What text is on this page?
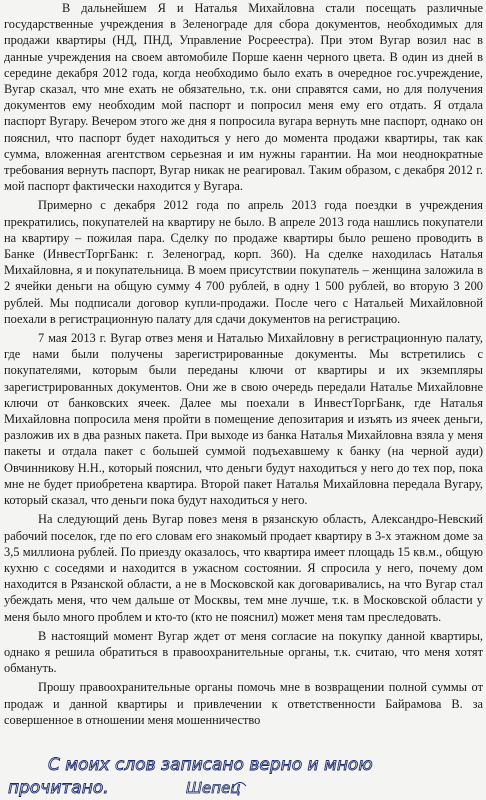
В дальнейшем Я и Наталья Михайловна стали посещать различные государственные учреждения в Зеленограде для сбора документов, необходимых для продажи квартиры (НД, ПНД, Управление Росреестра). При этом Вугар возил нас в данные учреждения на своем автомобиле Порше каенн черного цвета. В один из дней в середине декабря 2012 года, когда необходимо было ехать в очередное гос.учреждение, Вугар сказал, что мне ехать не обязательно, т.к. они справятся сами, но для получения документов ему необходим мой паспорт и попросил меня ему его отдать. Я отдала паспорт Вугару. Вечером этого же дня я попросила вугара вернуть мне паспорт, однако он пояснил, что паспорт будет находиться у него до момента продажи квартиры, так как сумма, вложенная агентством серьезная и им нужны гарантии. На мои неоднократные требования вернуть паспорт, Вугар никак не реагировал. Таким образом, с декабря 2012 г. мой паспорт фактически находится у Вугара.

Примерно с декабря 2012 года по апрель 2013 года поездки в учреждения прекратились, покупателей на квартиру не было. В апреле 2013 года нашлись покупатели на квартиру – пожилая пара. Сделку по продаже квартиры было решено проводить в Банке (ИнвестТоргБанк: г. Зеленоград, корп. 360). На сделке находилась Наталья Михайловна, я и покупательница. В моем присутствии покупатель – женщина заложила в 2 ячейки деньги на общую сумму 4 700 рублей, в одну 1 500 рублей, во вторую 3 200 рублей. Мы подписали договор купли-продажи. После чего с Натальей Михайловной поехали в регистрационную палату для сдачи документов на регистрацию.

7 мая 2013 г. Вугар отвез меня и Наталью Михайловну в регистрационную палату, где нами были получены зарегистрированные документы. Мы встретились с покупателями, которым были переданы ключи от квартиры и их экземпляры зарегистрированных документов. Они же в свою очередь передали Наталье Михайловне ключи от банковских ячеек. Далее мы поехали в ИнвестТоргБанк, где Наталья Михайловна попросила меня пройти в помещение депозитария и изъять из ячеек деньги, разложив их в два разных пакета. При выходе из банка Наталья Михайловна взяла у меня пакеты и отдала пакет с большей суммой подъехавшему к банку (на черной ауди) Овчинникову Н.Н., который пояснил, что деньги будут находиться у него до тех пор, пока мне не будет приобретена квартира. Второй пакет Наталья Михайловна передала Вугару, который сказал, что деньги пока будут находиться у него.

На следующий день Вугар повез меня в рязанскую область, Александро-Невский рабочий поселок, где по его словам его знакомый продает квартиру в 3-х этажном доме за 3,5 миллиона рублей. По приезду оказалось, что квартира имеет площадь 15 кв.м., общую кухню с соседями и находится в ужасном состоянии. Я спросила у него, почему дом находится в Рязанской области, а не в Московской как договаривались, на что Вугар стал убеждать меня, что чем дальше от Москвы, тем мне лучше, т.к. в Московской области у меня было много проблем и кто-то (кто не пояснил) может меня там преследовать.

В настоящий момент Вугар ждет от меня согласие на покупку данной квартиры, однако я решила обратиться в правоохранительные органы, т.к. считаю, что меня хотят обмануть.

Прошу правоохранительные органы помочь мне в возвращении полной суммы от продаж и данной квартиры и привлечении к ответственности Байрамова В. за совершенное в отношении меня мошенничество

С моих слов записано верно и мною
прочитано.	Шепец
